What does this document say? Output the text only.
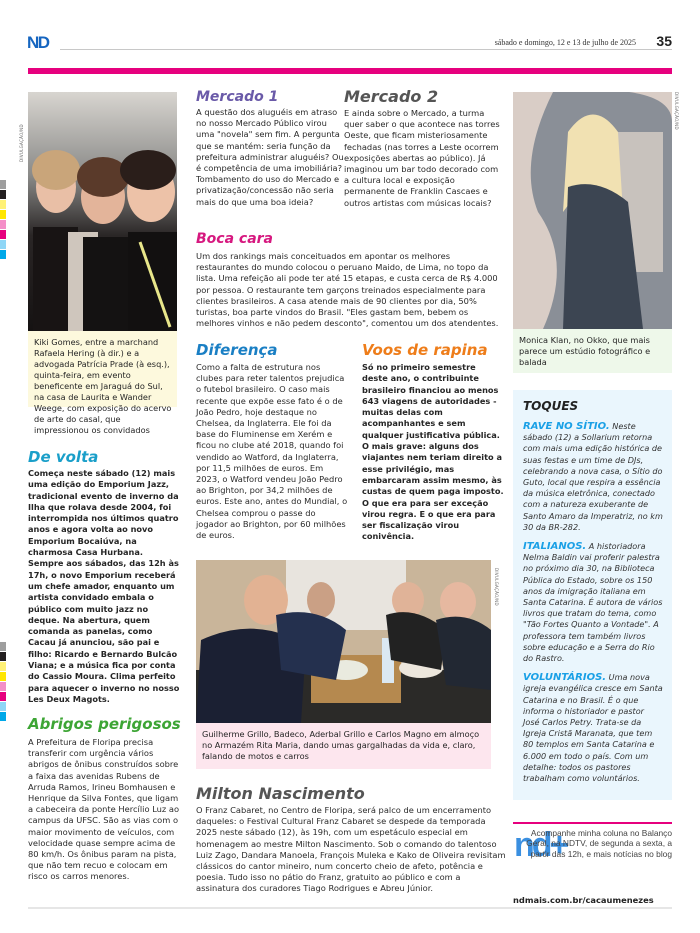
ND	sábado e domingo, 12 e 13 de julho de 2025 35
DIVULGAÇÃO/ND
Kiki Gomes, entre a marchand Rafaela Hering (à dir.) e a advogada Patrícia Prade (à esq.), quinta-feira, em evento beneficente em Jaraguá do Sul, na casa de Laurita e Wander Weege, com exposição do acervo de arte do casal, que impressionou os convidados
De volta
Começa neste sábado (12) mais uma edição do Emporium Jazz, tradicional evento de inverno da Ilha que rolava desde 2004, foi interrompida nos últimos quatro anos e agora volta ao novo Emporium Bocaiúva, na charmosa Casa Hurbana. Sempre aos sábados, das 12h às 17h, o novo Emporium receberá um chefe amador, enquanto um artista convidado embala o público com muito jazz no deque. Na abertura, quem comanda as panelas, como Cacau já anunciou, são pai e filho: Ricardo e Bernardo Bulcão Viana; e a música fica por conta do Cassio Moura. Clima perfeito para aquecer o inverno no nosso Les Deux Magots.
Abrigos perigosos
A Prefeitura de Floripa precisa transferir com urgência vários abrigos de ônibus construídos sobre a faixa das avenidas Rubens de Arruda Ramos, Irineu Bomhausen e Henrique da Silva Fontes, que ligam a cabeceira da ponte Hercílio Luz ao campus da UFSC. São as vias com o maior movimento de veículos, com velocidade quase sempre acima de 80 km/h. Os ônibus param na pista, que não tem recuo e colocam em risco os carros menores.
Mercado 1
A questão dos aluguéis em atraso no nosso Mercado Público virou uma "novela" sem fim. A pergunta que se mantém: seria função da prefeitura administrar aluguéis? Ou é competência de uma imobiliária? Tombamento do uso do Mercado e privatização/concessão não seria mais do que uma boa ideia?
Mercado 2
E ainda sobre o Mercado, a turma quer saber o que acontece nas torres Oeste, que ficam misteriosamente fechadas (nas torres a Leste ocorrem exposições abertas ao público). Já imaginou um bar todo decorado com a cultura local e exposição permanente de Franklin Cascaes e outros artistas com músicas locais?
Boca cara
Um dos rankings mais conceituados em apontar os melhores restaurantes do mundo colocou o peruano Maido, de Lima, no topo da lista. Uma refeição ali pode ter até 15 etapas, e custa cerca de R$ 4.000 por pessoa. O restaurante tem garçons treinados especialmente para clientes brasileiros. A casa atende mais de 90 clientes por dia, 50% turistas, boa parte vindos do Brasil. "Eles gastam bem, bebem os melhores vinhos e não pedem desconto", comentou um dos atendentes.
Diferença
Como a falta de estrutura nos clubes para reter talentos prejudica o futebol brasileiro. O caso mais recente que expõe esse fato é o de João Pedro, hoje destaque no Chelsea, da Inglaterra. Ele foi da base do Fluminense em Xerém e ficou no clube até 2018, quando foi vendido ao Watford, da Inglaterra, por 11,5 milhões de euros. Em 2023, o Watford vendeu João Pedro ao Brighton, por 34,2 milhões de euros. Este ano, antes do Mundial, o Chelsea comprou o passe do jogador ao Brighton, por 60 milhões de euros.
Voos de rapina
Só no primeiro semestre deste ano, o contribuinte brasileiro financiou ao menos 643 viagens de autoridades - muitas delas com acompanhantes e sem qualquer justificativa pública. O mais grave: alguns dos viajantes nem teriam direito a esse privilégio, mas embarcaram assim mesmo, às custas de quem paga imposto. O que era para ser exceção virou regra. E o que era para ser fiscalização virou conivência.
DIVULGAÇÃO/ND
Guilherme Grillo, Badeco, Aderbal Grillo e Carlos Magno em almoço no Armazém Rita Maria, dando umas gargalhadas da vida e, claro, falando de motos e carros
Milton Nascimento
O Franz Cabaret, no Centro de Floripa, será palco de um encerramento daqueles: o Festival Cultural Franz Cabaret se despede da temporada 2025 neste sábado (12), às 19h, com um espetáculo especial em homenagem ao mestre Milton Nascimento. Sob o comando do talentoso Luiz Zago, Dandara Manoela, François Muleka e Kako de Oliveira revisitam clássicos do cantor mineiro, num concerto cheio de afeto, potência e poesia. Tudo isso no pátio do Franz, gratuito ao público e com a assinatura dos curadores Tiago Rodrigues e Abreu Júnior.
DIVULGAÇÃO/ND
Monica Klan, no Okko, que mais parece um estúdio fotográfico e balada
TOQUES
RAVE NO SÍTIO. Neste sábado (12) a Sollarium retorna com mais uma edição histórica de suas festas e um time de DJs, celebrando a nova casa, o Sítio do Guto, local que respira a essência da música eletrônica, conectado com a natureza exuberante de Santo Amaro da Imperatriz, no km 30 da BR-282.
ITALIANOS. A historiadora Nelma Baldin vai proferir palestra no próximo dia 30, na Biblioteca Pública do Estado, sobre os 150 anos da imigração italiana em Santa Catarina. É autora de vários livros que tratam do tema, como "Tão Fortes Quanto a Vontade". A professora tem também livros sobre educação e a Serra do Rio do Rastro.
VOLUNTÁRIOS. Uma nova igreja evangélica cresce em Santa Catarina e no Brasil. É o que informa o historiador e pastor José Carlos Petry. Trata-se da Igreja Cristã Maranata, que tem 80 templos em Santa Catarina e 6.000 em todo o país. Com um detalhe: todos os pastores trabalham como voluntários.
nd+
Acompanhe minha coluna no Balanço Geral, na NDTV, de segunda a sexta, a partir das 12h, e mais notícias no blog
ndmais.com.br/cacaumenezes
